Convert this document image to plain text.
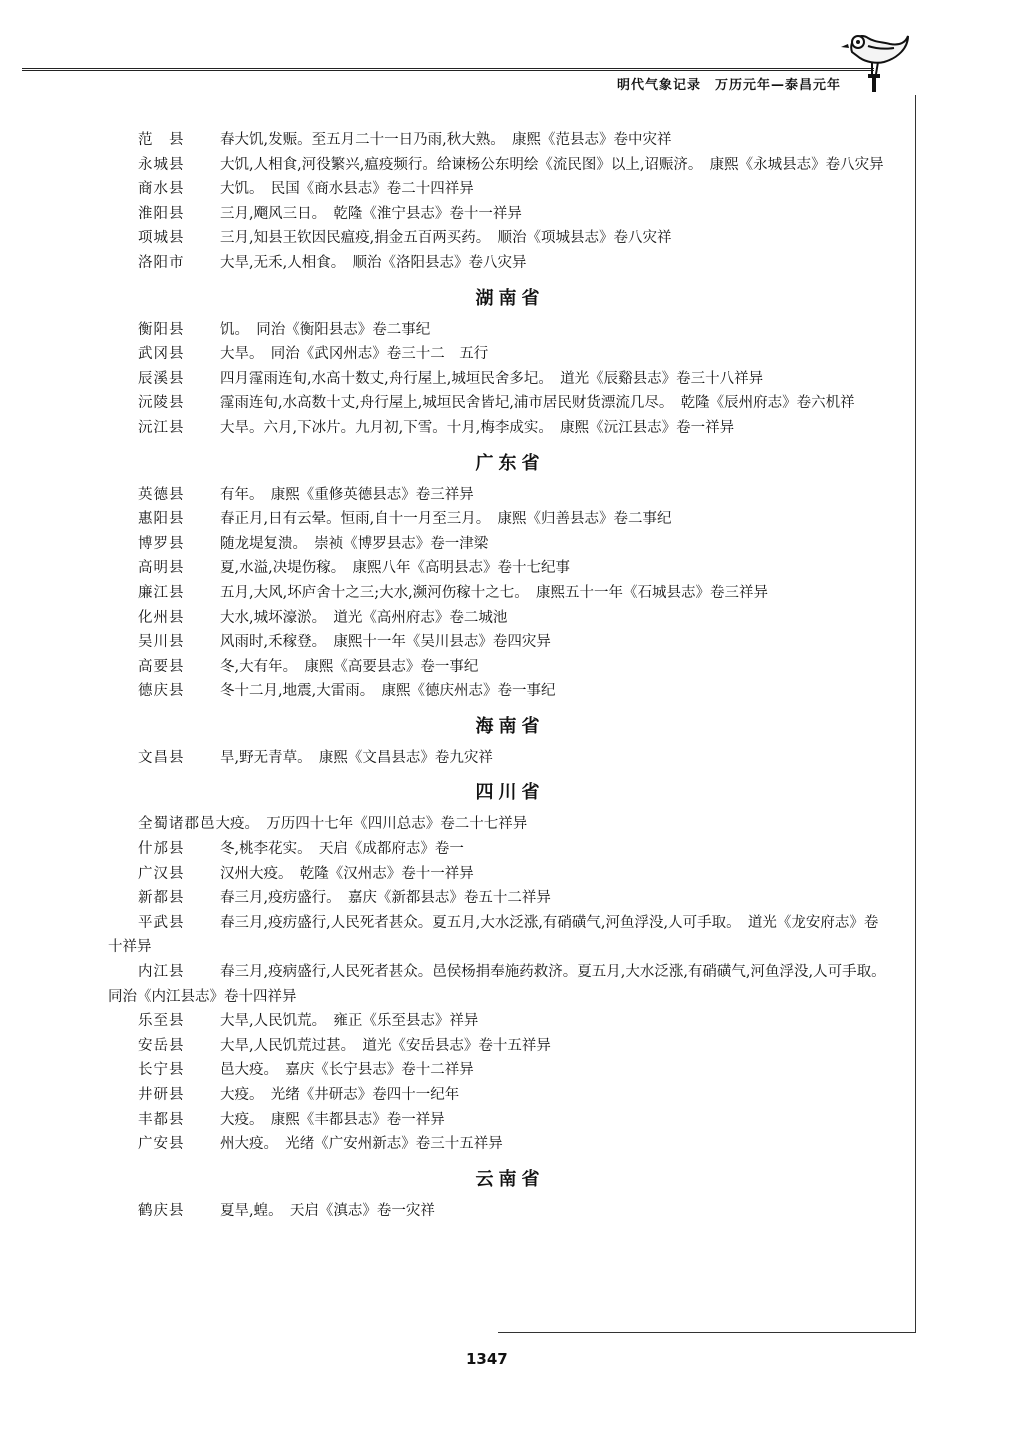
明代气象记录　万历元年—泰昌元年
范　县 春大饥,发赈。至五月二十一日乃雨,秋大熟。　康熙《范县志》卷中灾祥
永城县 大饥,人相食,河役繁兴,瘟疫频行。给谏杨公东明绘《流民图》以上,诏赈济。　康熙《永城县志》卷八灾异
商水县 大饥。　民国《商水县志》卷二十四祥异
淮阳县 三月,飗风三日。　乾隆《淮宁县志》卷十一祥异
项城县 三月,知县王钦因民瘟疫,捐金五百两买药。　顺治《项城县志》卷八灾祥
洛阳市 大旱,无禾,人相食。　顺治《洛阳县志》卷八灾异
湖南省
衡阳县 饥。　同治《衡阳县志》卷二事纪
武冈县 大旱。　同治《武冈州志》卷三十二　五行
辰溪县 四月霪雨连旬,水高十数丈,舟行屋上,城垣民舍多圮。　道光《辰谿县志》卷三十八祥异
沅陵县 霪雨连旬,水高数十丈,舟行屋上,城垣民舍皆圮,浦市居民财货漂流几尽。　乾隆《辰州府志》卷六机祥
沅江县 大旱。六月,下冰片。九月初,下雪。十月,梅李成实。　康熙《沅江县志》卷一祥异
广东省
英德县 有年。　康熙《重修英德县志》卷三祥异
惠阳县 春正月,日有云晕。恒雨,自十一月至三月。　康熙《归善县志》卷二事纪
博罗县 随龙堤复溃。　崇祯《博罗县志》卷一津梁
高明县 夏,水溢,决堤伤稼。　康熙八年《高明县志》卷十七纪事
廉江县 五月,大风,坏庐舍十之三;大水,濒河伤稼十之七。　康熙五十一年《石城县志》卷三祥异
化州县 大水,城坏濠淤。　道光《高州府志》卷二城池
吴川县 风雨时,禾稼登。　康熙十一年《吴川县志》卷四灾异
高要县 冬,大有年。　康熙《高要县志》卷一事纪
德庆县 冬十二月,地震,大雷雨。　康熙《德庆州志》卷一事纪
海南省
文昌县 旱,野无青草。　康熙《文昌县志》卷九灾祥
四川省
全蜀诸郡邑大疫。　万历四十七年《四川总志》卷二十七祥异
什邡县 冬,桃李花实。　天启《成都府志》卷一
广汉县 汉州大疫。　乾隆《汉州志》卷十一祥异
新都县 春三月,疫疠盛行。　嘉庆《新都县志》卷五十二祥异
平武县 春三月,疫疠盛行,人民死者甚众。夏五月,大水泛涨,有硝磺气,河鱼浮没,人可手取。　道光《龙安府志》卷十祥异
内江县 春三月,疫病盛行,人民死者甚众。邑侯杨捐奉施药救济。夏五月,大水泛涨,有硝磺气,河鱼浮没,人可手取。　同治《内江县志》卷十四祥异
乐至县 大旱,人民饥荒。　雍正《乐至县志》祥异
安岳县 大旱,人民饥荒过甚。　道光《安岳县志》卷十五祥异
长宁县 邑大疫。　嘉庆《长宁县志》卷十二祥异
井研县 大疫。　光绪《井研志》卷四十一纪年
丰都县 大疫。　康熙《丰都县志》卷一祥异
广安县 州大疫。　光绪《广安州新志》卷三十五祥异
云南省
鹤庆县 夏旱,蝗。　天启《滇志》卷一灾祥
1347
